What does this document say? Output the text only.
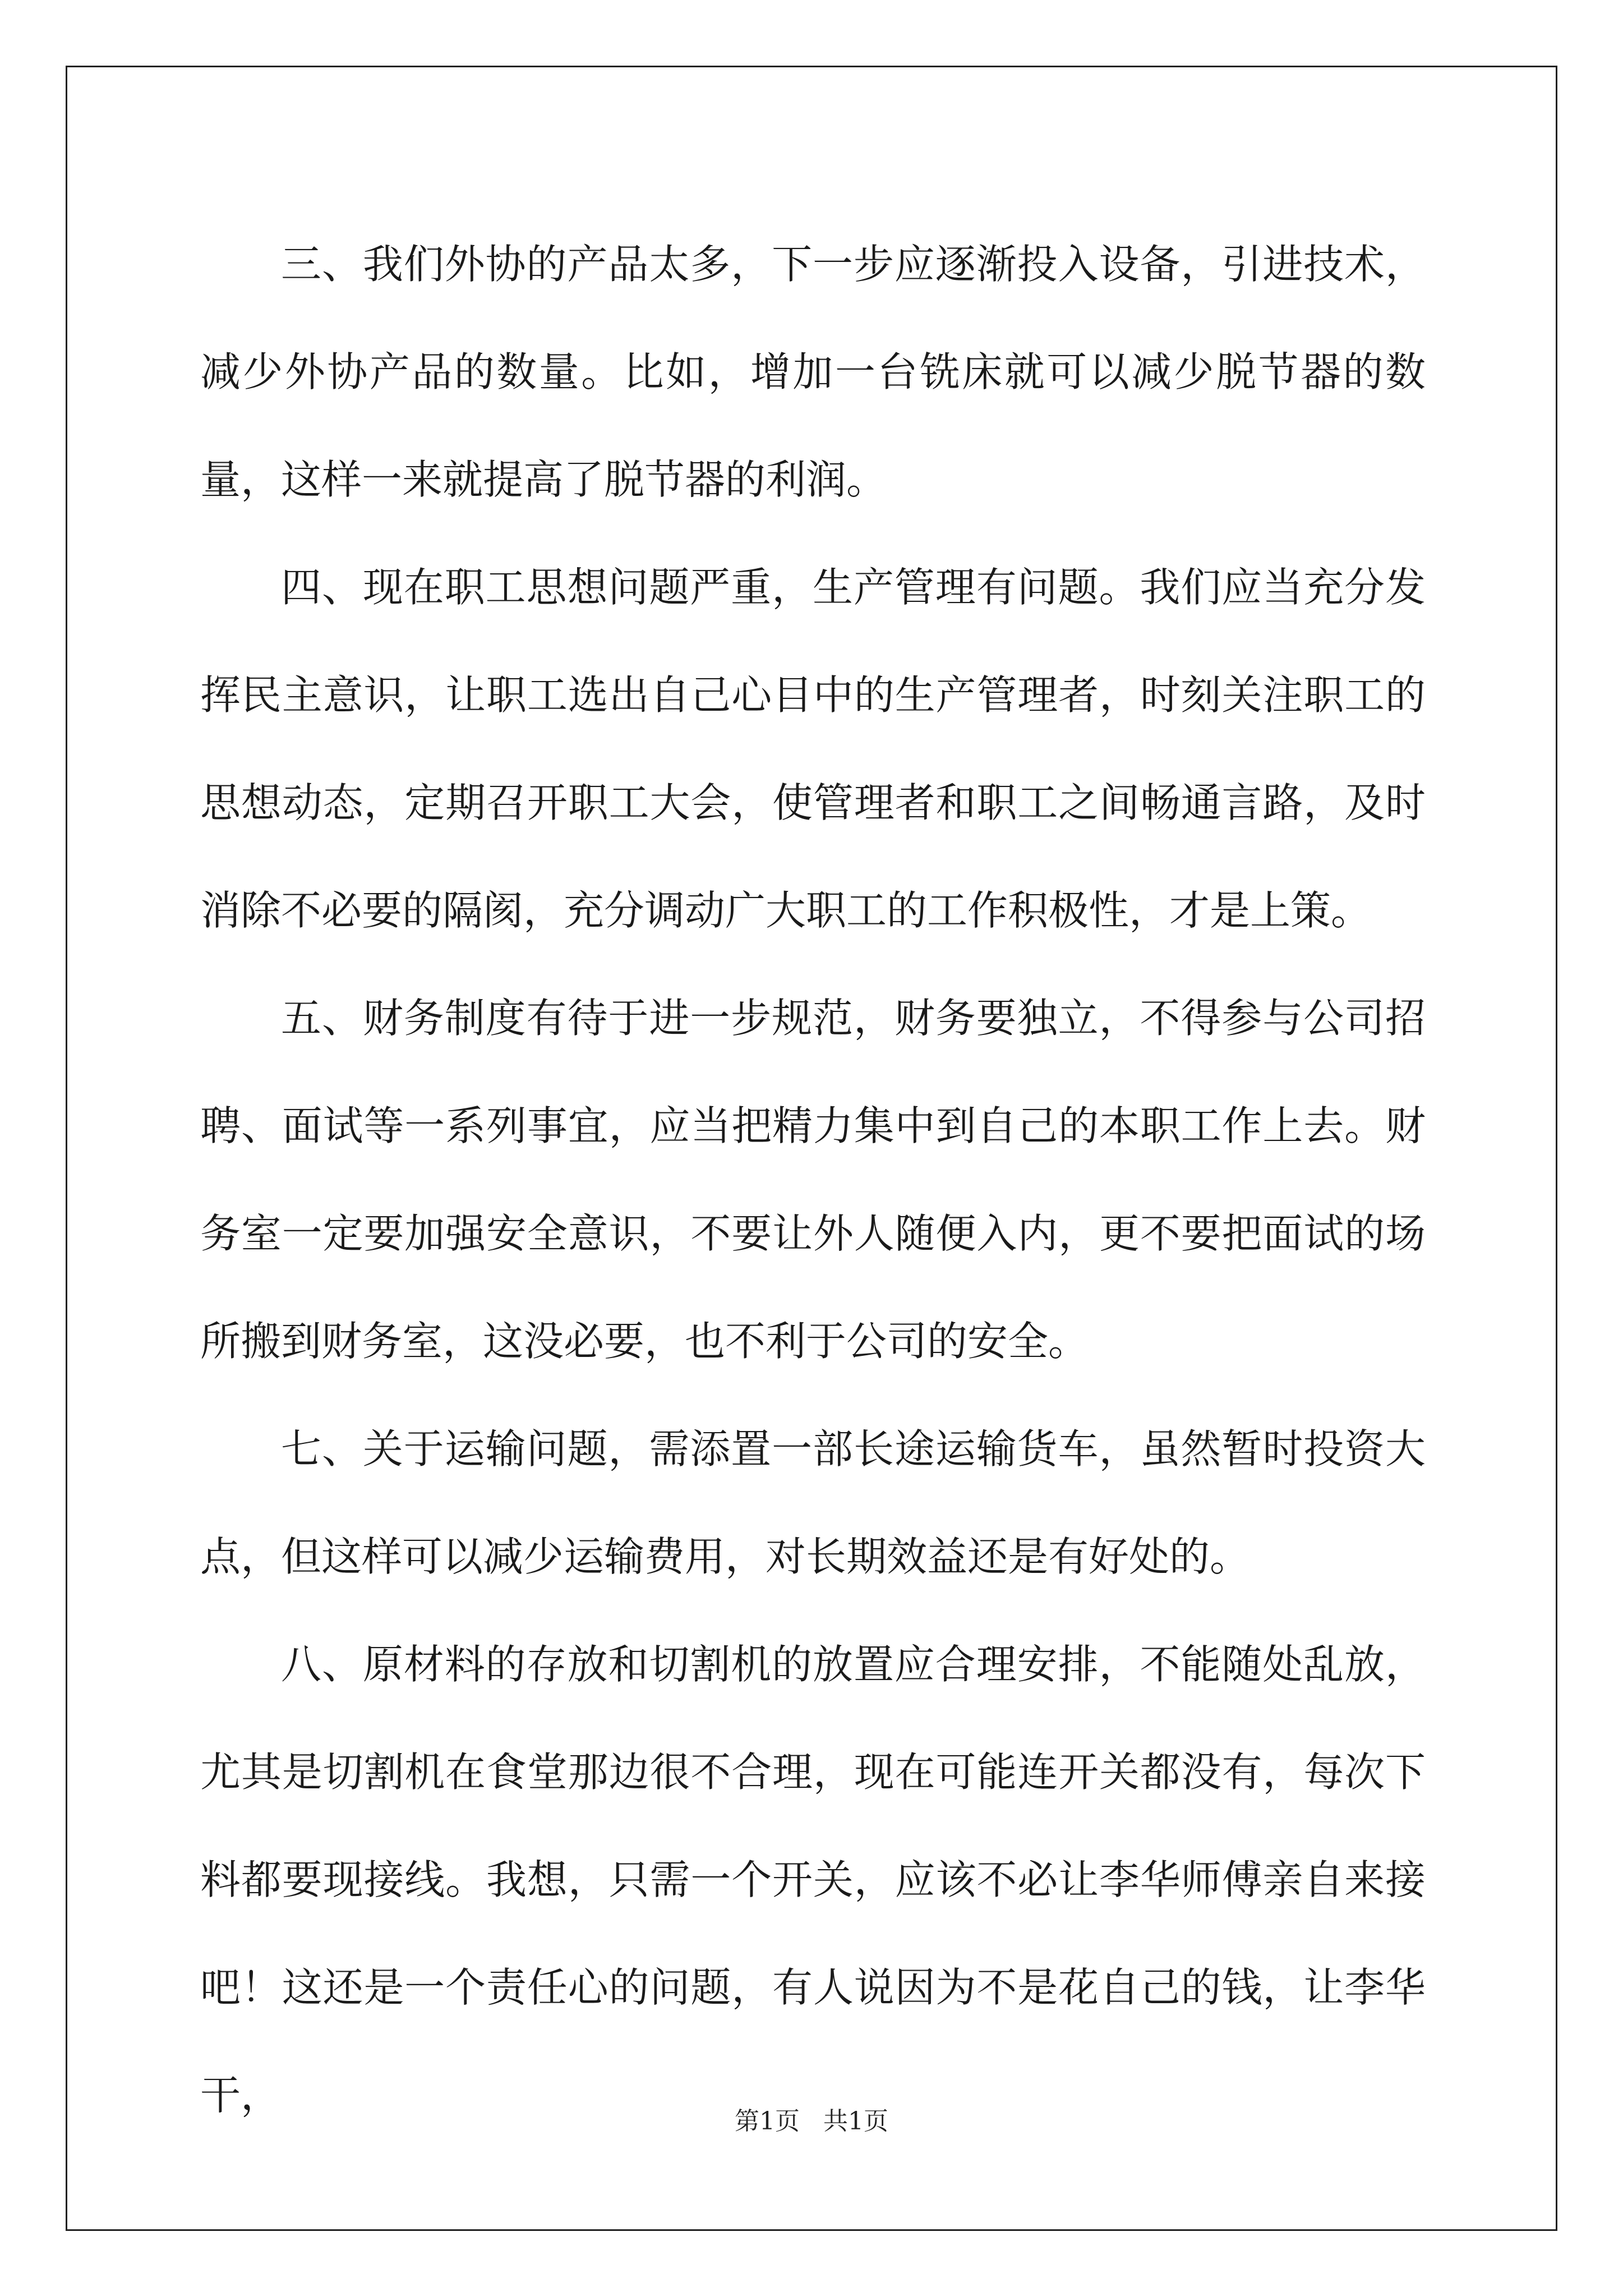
三、我们外协的产品太多，下一步应逐渐投入设备，引进技术，减少外协产品的数量。比如，增加一台铣床就可以减少脱节器的数量，这样一来就提高了脱节器的利润。

四、现在职工思想问题严重，生产管理有问题。我们应当充分发挥民主意识，让职工选出自己心目中的生产管理者，时刻关注职工的思想动态，定期召开职工大会，使管理者和职工之间畅通言路，及时消除不必要的隔阂，充分调动广大职工的工作积极性，才是上策。

五、财务制度有待于进一步规范，财务要独立，不得参与公司招聘、面试等一系列事宜，应当把精力集中到自己的本职工作上去。财务室一定要加强安全意识，不要让外人随便入内，更不要把面试的场所搬到财务室，这没必要，也不利于公司的安全。

七、关于运输问题，需添置一部长途运输货车，虽然暂时投资大点，但这样可以减少运输费用，对长期效益还是有好处的。

八、原材料的存放和切割机的放置应合理安排，不能随处乱放，尤其是切割机在食堂那边很不合理，现在可能连开关都没有，每次下料都要现接线。我想，只需一个开关，应该不必让李华师傅亲自来接吧！这还是一个责任心的问题，有人说因为不是花自己的钱，让李华干，

第1页   共1页
